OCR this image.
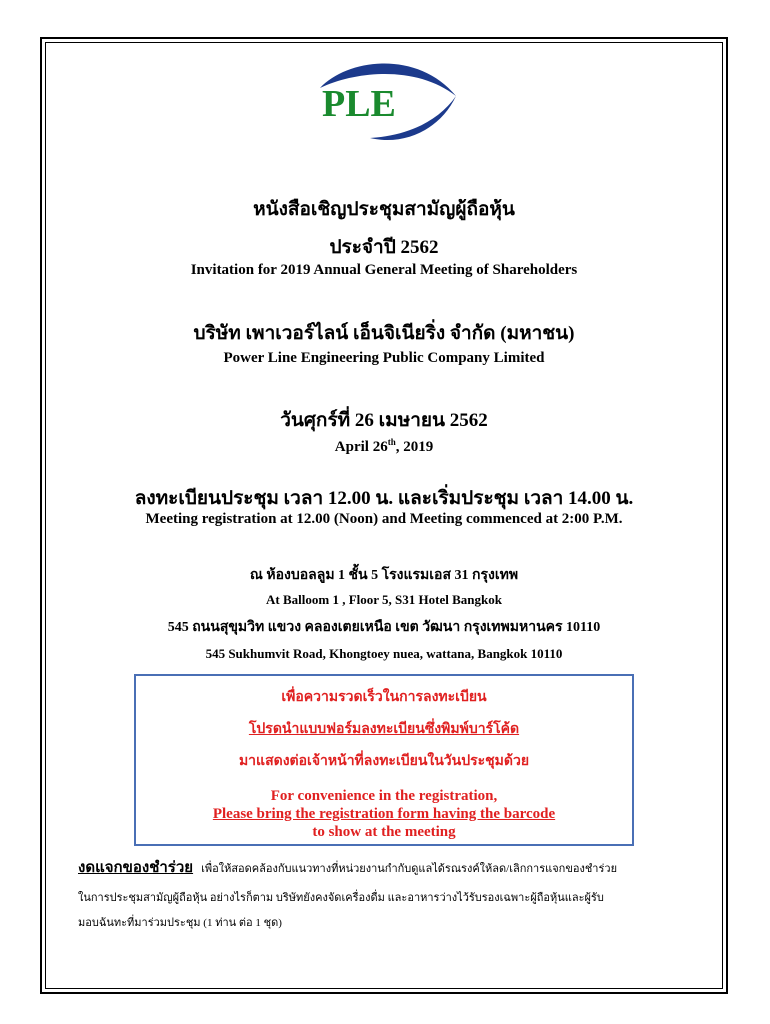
PLE
หนังสือเชิญประชุมสามัญผู้ถือหุ้น
ประจำปี 2562
Invitation for 2019 Annual General Meeting of Shareholders
บริษัท เพาเวอร์ไลน์ เอ็นจิเนียริ่ง จำกัด (มหาชน)
Power Line Engineering Public Company Limited
วันศุกร์ที่ 26 เมษายน 2562
April 26th, 2019
ลงทะเบียนประชุม เวลา 12.00 น. และเริ่มประชุม เวลา 14.00 น.
Meeting registration at 12.00 (Noon) and Meeting commenced at 2:00 P.M.
ณ ห้องบอลลูม 1 ชั้น 5 โรงแรมเอส 31 กรุงเทพ
At Balloom 1 , Floor 5, S31 Hotel Bangkok
545 ถนนสุขุมวิท แขวง คลองเตยเหนือ เขต วัฒนา กรุงเทพมหานคร 10110
545 Sukhumvit Road, Khongtoey nuea, wattana, Bangkok 10110
เพื่อความรวดเร็วในการลงทะเบียน
โปรดนำแบบฟอร์มลงทะเบียนซึ่งพิมพ์บาร์โค้ด
มาแสดงต่อเจ้าหน้าที่ลงทะเบียนในวันประชุมด้วย
For convenience in the registration,
Please bring the registration form having the barcode
to show at the meeting
งดแจกของชำร่วย เพื่อให้สอดคล้องกับแนวทางที่หน่วยงานกำกับดูแลได้รณรงค์ให้ลด/เลิกการแจกของชำร่วย
ในการประชุมสามัญผู้ถือหุ้น อย่างไรก็ตาม บริษัทยังคงจัดเครื่องดื่ม และอาหารว่างไว้รับรองเฉพาะผู้ถือหุ้นและผู้รับ
มอบฉันทะที่มาร่วมประชุม (1 ท่าน ต่อ 1 ชุด)
